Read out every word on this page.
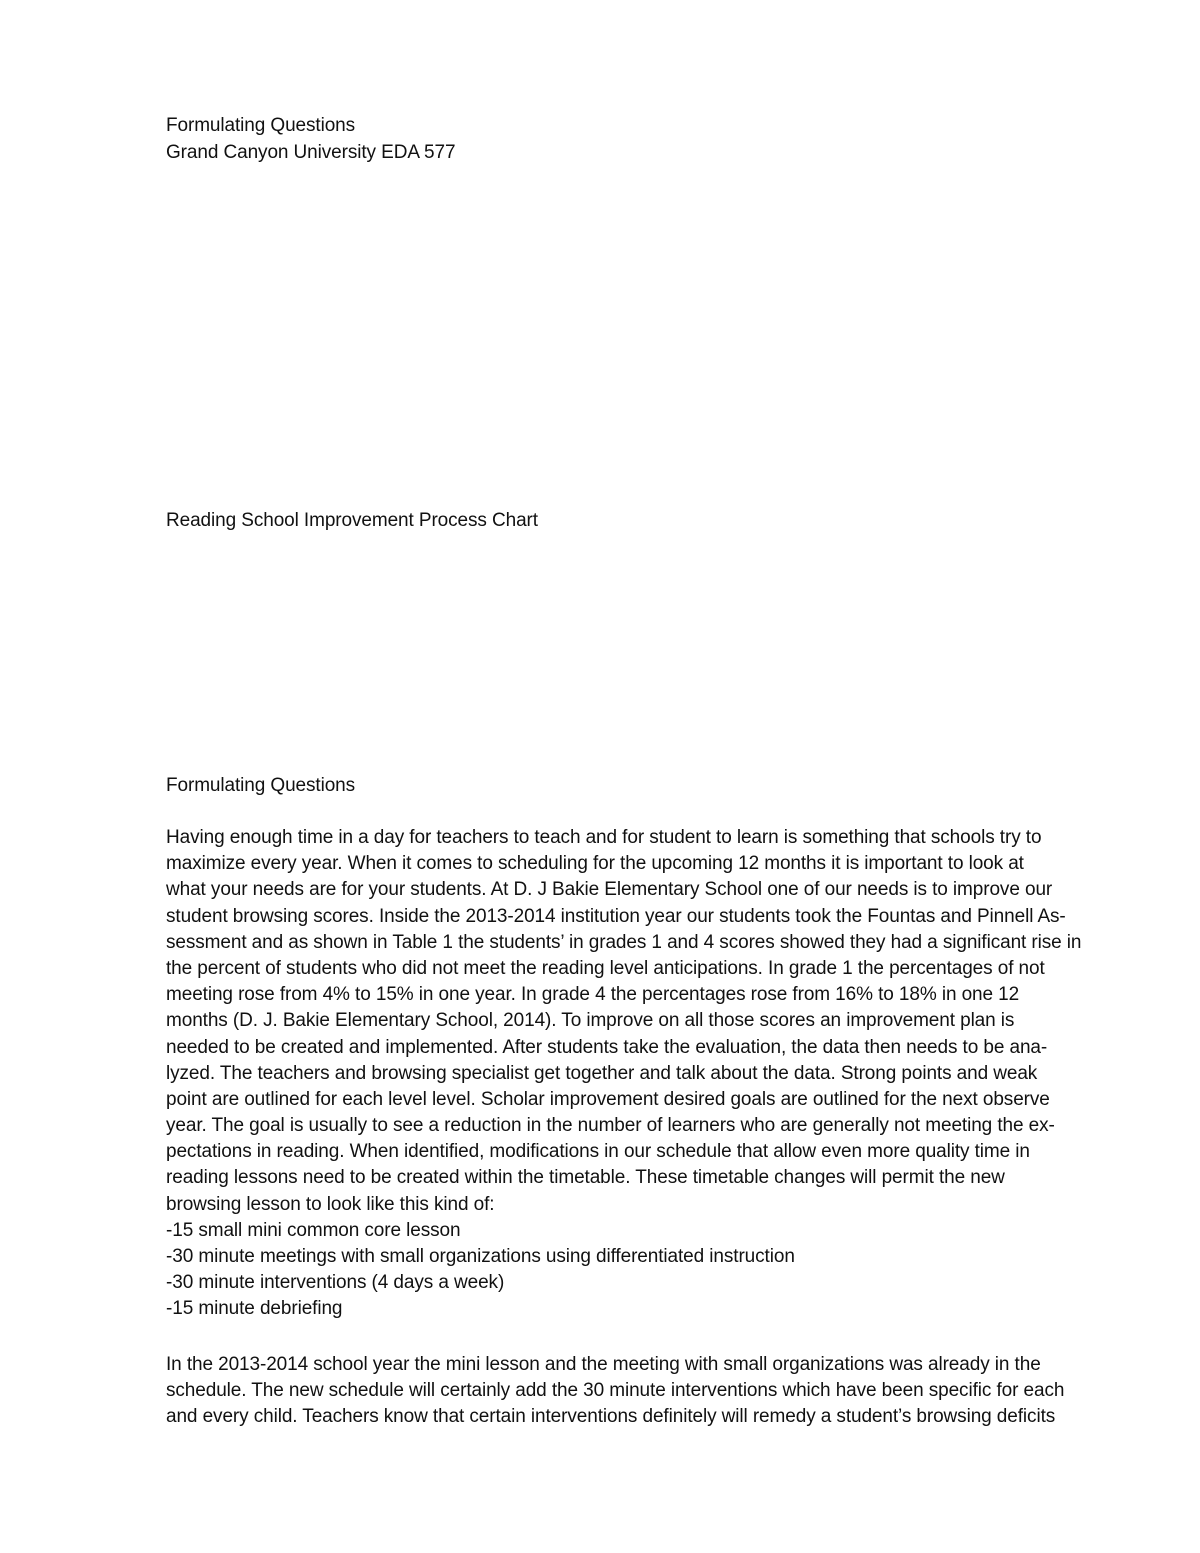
Formulating Questions
Grand Canyon University EDA 577
Reading School Improvement Process Chart
Formulating Questions
Having enough time in a day for teachers to teach and for student to learn is something that schools try to
maximize every year. When it comes to scheduling for the upcoming 12 months it is important to look at
what your needs are for your students. At D. J Bakie Elementary School one of our needs is to improve our
student browsing scores. Inside the 2013-2014 institution year our students took the Fountas and Pinnell As-
sessment and as shown in Table 1 the students’ in grades 1 and 4 scores showed they had a significant rise in
the percent of students who did not meet the reading level anticipations. In grade 1 the percentages of not
meeting rose from 4% to 15% in one year. In grade 4 the percentages rose from 16% to 18% in one 12
months (D. J. Bakie Elementary School, 2014). To improve on all those scores an improvement plan is
needed to be created and implemented. After students take the evaluation, the data then needs to be ana-
lyzed. The teachers and browsing specialist get together and talk about the data. Strong points and weak
point are outlined for each level level. Scholar improvement desired goals are outlined for the next observe
year. The goal is usually to see a reduction in the number of learners who are generally not meeting the ex-
pectations in reading. When identified, modifications in our schedule that allow even more quality time in
reading lessons need to be created within the timetable. These timetable changes will permit the new
browsing lesson to look like this kind of:
-15 small mini common core lesson
-30 minute meetings with small organizations using differentiated instruction
-30 minute interventions (4 days a week)
-15 minute debriefing
In the 2013-2014 school year the mini lesson and the meeting with small organizations was already in the
schedule. The new schedule will certainly add the 30 minute interventions which have been specific for each
and every child. Teachers know that certain interventions definitely will remedy a student’s browsing deficits
